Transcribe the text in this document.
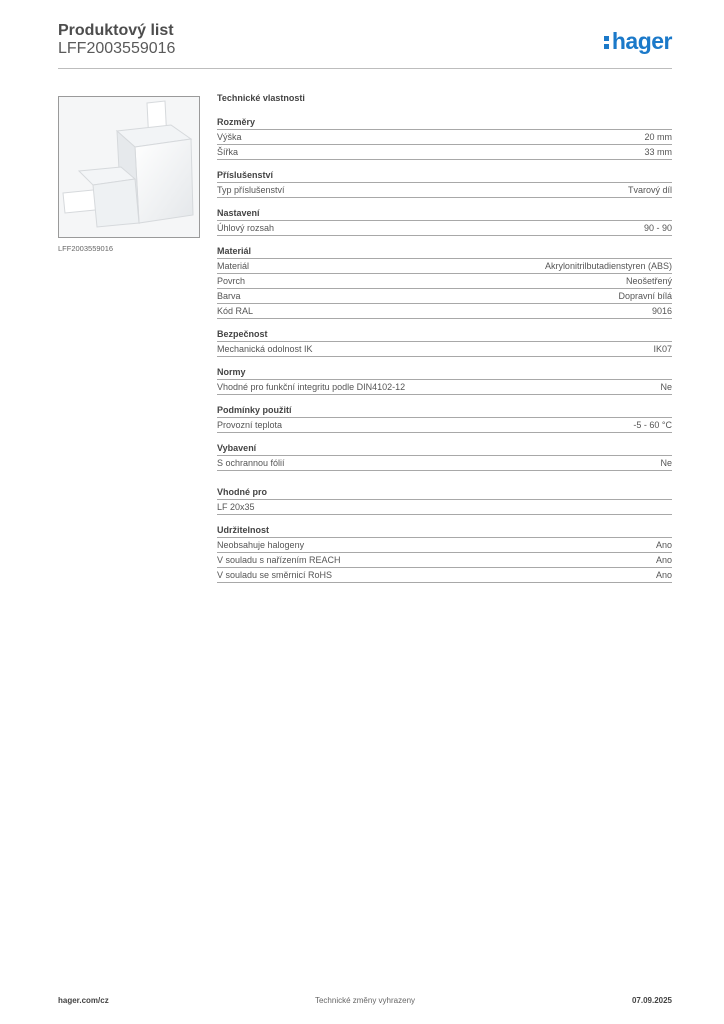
Produktový list
LFF2003559016	hager
LFF2003559016
Technické vlastnosti
Rozměry
Výška	20 mm
Šířka	33 mm
Příslušenství
Typ příslušenství	Tvarový díl
Nastavení
Úhlový rozsah	90 - 90
Materiál
Materiál	Akrylonitrilbutadienstyren (ABS)
Povrch	Neošetřený
Barva	Dopravní bílá
Kód RAL	9016
Bezpečnost
Mechanická odolnost IK	IK07
Normy
Vhodné pro funkční integritu podle DIN4102-12	Ne
Podmínky použití
Provozní teplota	-5 - 60 °C
Vybavení
S ochrannou fólií	Ne
Vhodné pro
LF 20x35
Udržitelnost
Neobsahuje halogeny	Ano
V souladu s nařízením REACH	Ano
V souladu se směrnicí RoHS	Ano
hager.com/cz	Technické změny vyhrazeny	07.09.2025
